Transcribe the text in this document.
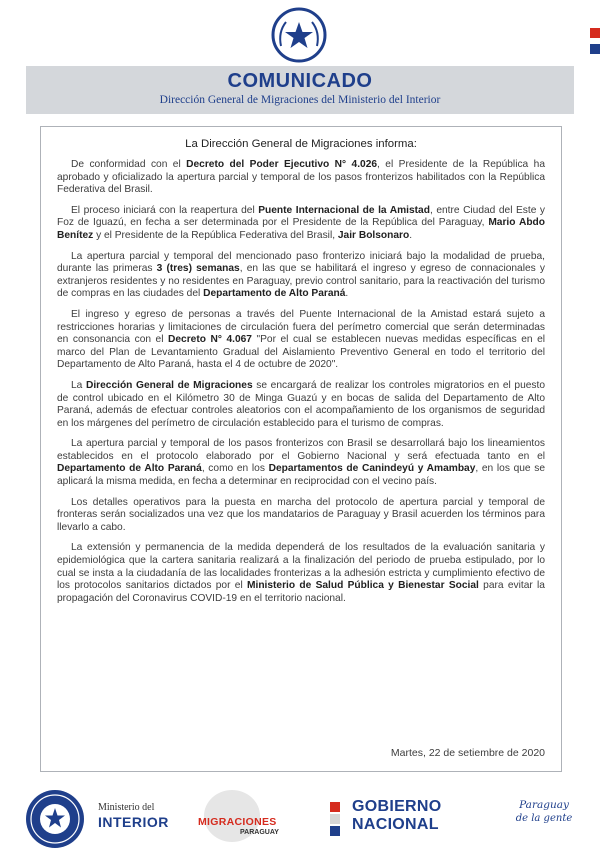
COMUNICADO
Dirección General de Migraciones del Ministerio del Interior
La Dirección General de Migraciones informa:

De conformidad con el Decreto del Poder Ejecutivo N° 4.026, el Presidente de la República ha aprobado y oficializado la apertura parcial y temporal de los pasos fronterizos habilitados con la República Federativa del Brasil.

El proceso iniciará con la reapertura del Puente Internacional de la Amistad, entre Ciudad del Este y Foz de Iguazú, en fecha a ser determinada por el Presidente de la República del Paraguay, Mario Abdo Benítez y el Presidente de la República Federativa del Brasil, Jair Bolsonaro.

La apertura parcial y temporal del mencionado paso fronterizo iniciará bajo la modalidad de prueba, durante las primeras 3 (tres) semanas, en las que se habilitará el ingreso y egreso de connacionales y extranjeros residentes y no residentes en Paraguay, previo control sanitario, para la reactivación del turismo de compras en las ciudades del Departamento de Alto Paraná.

El ingreso y egreso de personas a través del Puente Internacional de la Amistad estará sujeto a restricciones horarias y limitaciones de circulación fuera del perímetro comercial que serán determinadas en consonancia con el Decreto N° 4.067 "Por el cual se establecen nuevas medidas específicas en el marco del Plan de Levantamiento Gradual del Aislamiento Preventivo General en todo el territorio del Departamento de Alto Paraná, hasta el 4 de octubre de 2020".

La Dirección General de Migraciones se encargará de realizar los controles migratorios en el puesto de control ubicado en el Kilómetro 30 de Minga Guazú y en bocas de salida del Departamento de Alto Paraná, además de efectuar controles aleatorios con el acompañamiento de los organismos de seguridad en los márgenes del perímetro de circulación establecido para el turismo de compras.

La apertura parcial y temporal de los pasos fronterizos con Brasil se desarrollará bajo los lineamientos establecidos en el protocolo elaborado por el Gobierno Nacional y será efectuada tanto en el Departamento de Alto Paraná, como en los Departamentos de Canindeyú y Amambay, en los que se aplicará la misma medida, en fecha a determinar en reciprocidad con el vecino país.

Los detalles operativos para la puesta en marcha del protocolo de apertura parcial y temporal de fronteras serán socializados una vez que los mandatarios de Paraguay y Brasil acuerden los términos para llevarlo a cabo.

La extensión y permanencia de la medida dependerá de los resultados de la evaluación sanitaria y epidemiológica que la cartera sanitaria realizará a la finalización del periodo de prueba estipulado, por lo cual se insta a la ciudadanía de las localidades fronterizas a la adhesión estricta y cumplimiento efectivo de los protocolos sanitarios dictados por el Ministerio de Salud Pública y Bienestar Social para evitar la propagación del Coronavirus COVID-19 en el territorio nacional.

Martes, 22 de setiembre de 2020
Ministerio del
INTERIOR	MIGRACIONES
PARAGUAY
GOBIERNO
NACIONAL
Paraguay
de la gente
